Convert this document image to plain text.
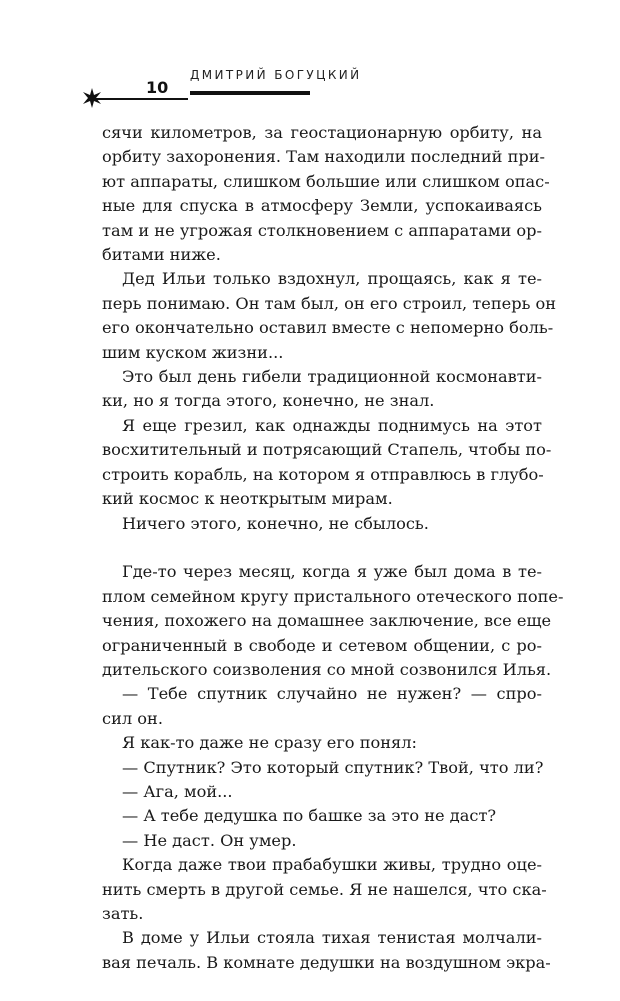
10
ДМИТРИЙ БОГУЦКИЙ
сячи километров, за геостационарную орбиту, на
орбиту захоронения. Там находили последний при-
ют аппараты, слишком большие или слишком опас-
ные для спуска в атмосферу Земли, успокаиваясь
там и не угрожая столкновением с аппаратами ор-
битами ниже.
Дед Ильи только вздохнул, прощаясь, как я те-
перь понимаю. Он там был, он его строил, теперь он
его окончательно оставил вместе с непомерно боль-
шим куском жизни...
Это был день гибели традиционной космонавти-
ки, но я тогда этого, конечно, не знал.
Я еще грезил, как однажды поднимусь на этот
восхитительный и потрясающий Стапель, чтобы по-
строить корабль, на котором я отправлюсь в глубо-
кий космос к неоткрытым мирам.
Ничего этого, конечно, не сбылось.
Где-то через месяц, когда я уже был дома в те-
плом семейном кругу пристального отеческого попе-
чения, похожего на домашнее заключение, все еще
ограниченный в свободе и сетевом общении, с ро-
дительского соизволения со мной созвонился Илья.
— Тебе спутник случайно не нужен? — спро-
сил он.
Я как-то даже не сразу его понял:
— Спутник? Это который спутник? Твой, что ли?
— Ага, мой...
— А тебе дедушка по башке за это не даст?
— Не даст. Он умер.
Когда даже твои прабабушки живы, трудно оце-
нить смерть в другой семье. Я не нашелся, что ска-
зать.
В доме у Ильи стояла тихая тенистая молчали-
вая печаль. В комнате дедушки на воздушном экра-
